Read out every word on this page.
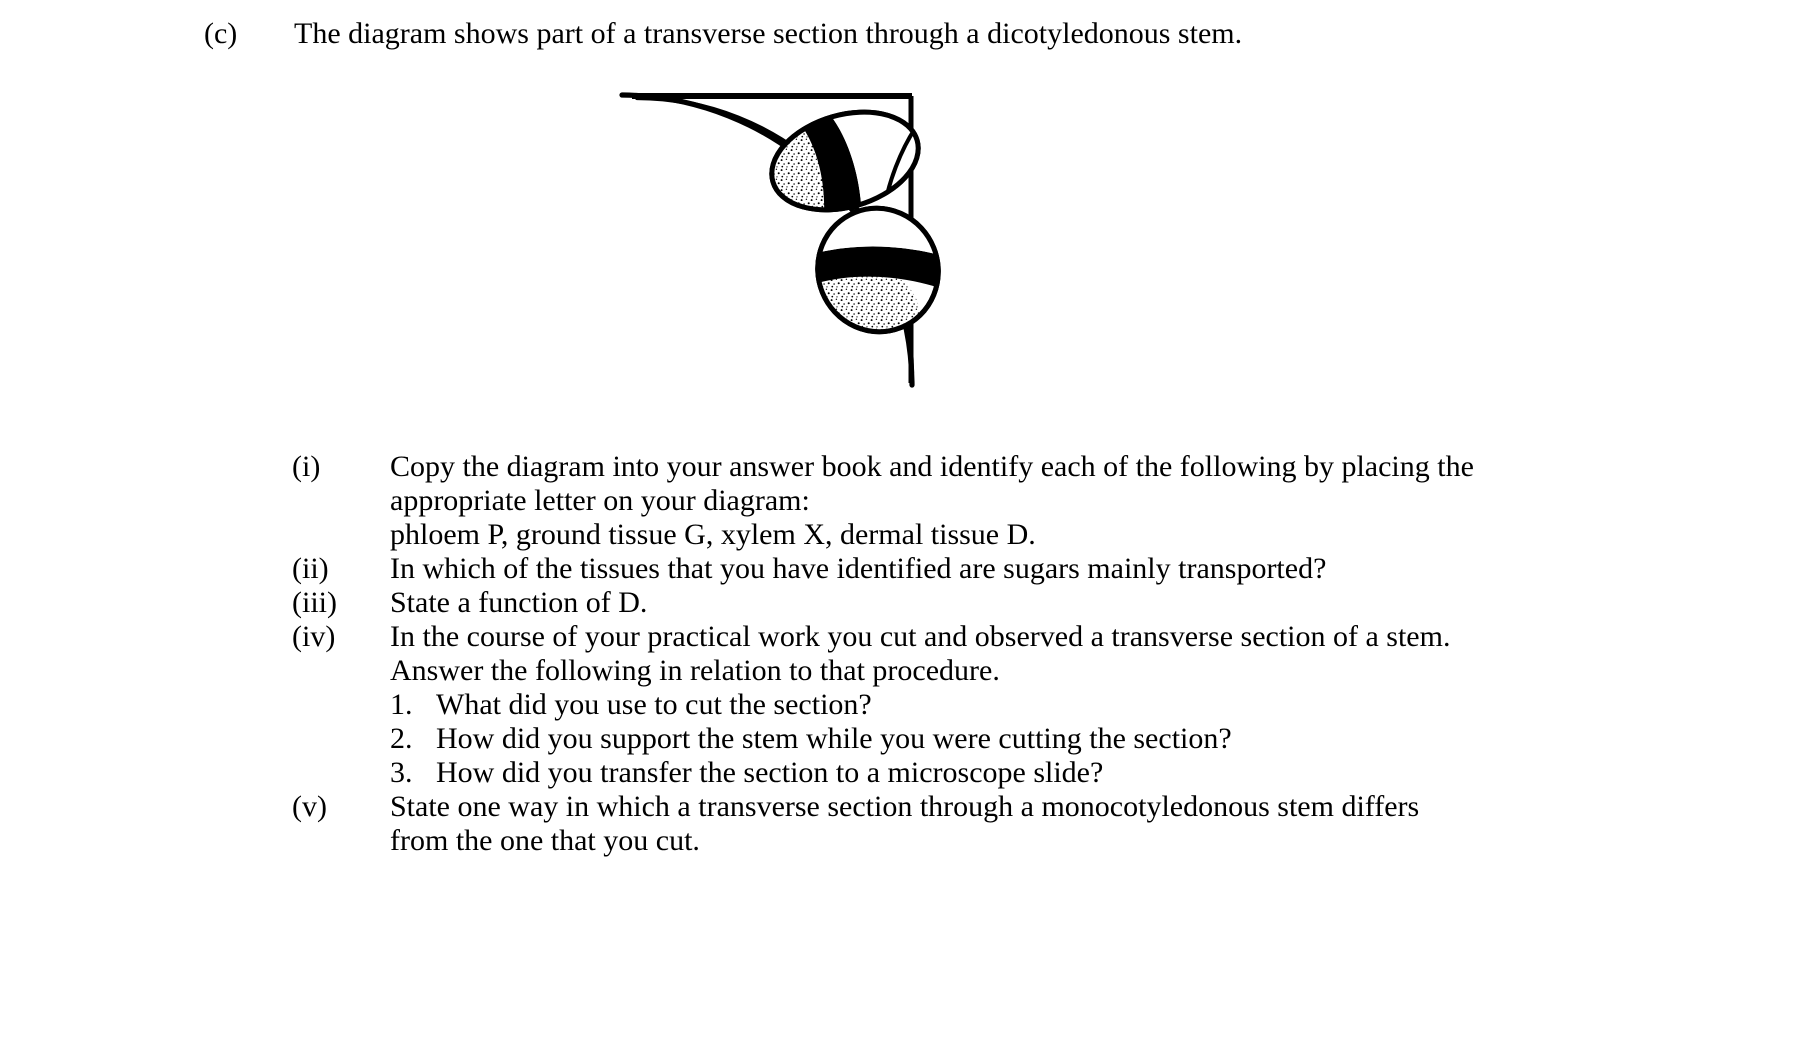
(c)	The diagram shows part of a transverse section through a dicotyledonous stem.
(i)	Copy the diagram into your answer book and identify each of the following by placing the
appropriate letter on your diagram:
phloem P, ground tissue G, xylem X, dermal tissue D.
(ii)	In which of the tissues that you have identified are sugars mainly transported?
(iii)	State a function of D.
(iv)	In the course of your practical work you cut and observed a transverse section of a stem.
Answer the following in relation to that procedure.
1. What did you use to cut the section?
2. How did you support the stem while you were cutting the section?
3. How did you transfer the section to a microscope slide?
(v)	State one way in which a transverse section through a monocotyledonous stem differs
from the one that you cut.
